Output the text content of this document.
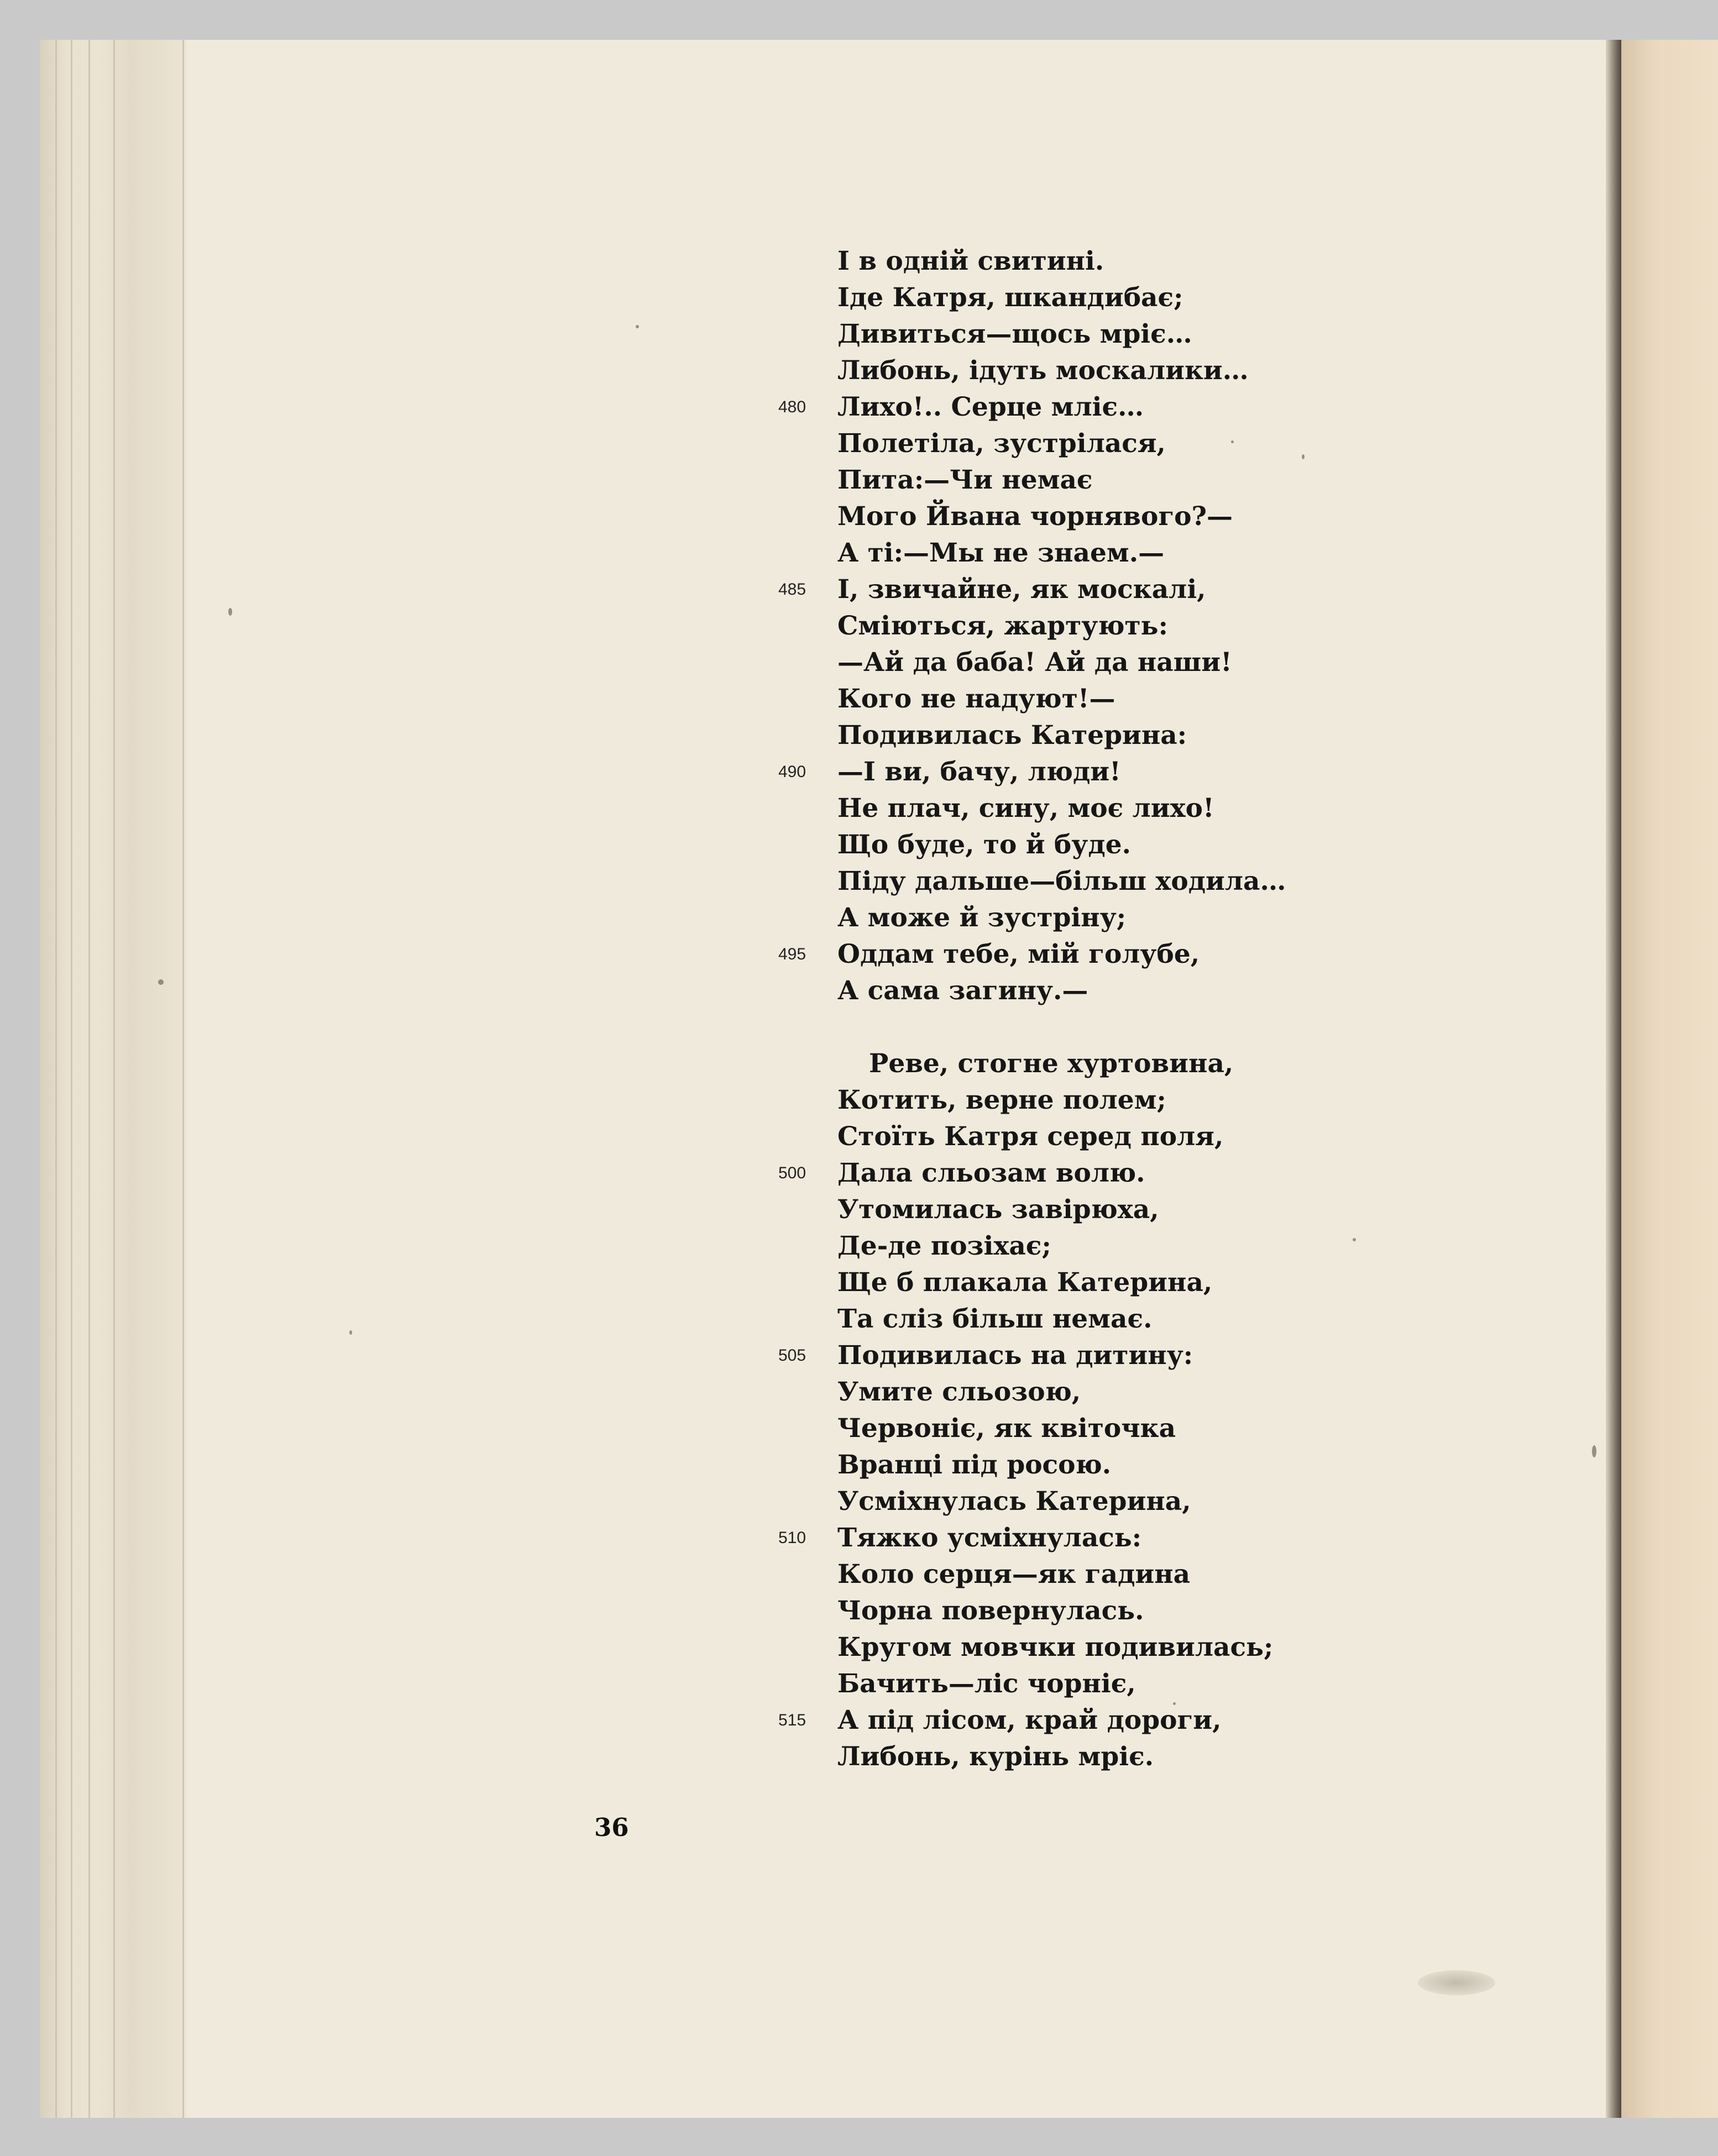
І в одній свитині.
Іде Катря, шкандибає;
Дивиться—щось мріє…
Либонь, ідуть москалики…
480	Лихо!.. Серце мліє…
Полетіла, зустрілася,
Пита:—Чи немає
Мого Йвана чорнявого?—
А ті:—Мы не знаем.—
485	І, звичайне, як москалі,
Сміються, жартують:
—Ай да баба! Ай да наши!
Кого не надуют!—
Подивилась Катерина:
490	—І ви, бачу, люди!
Не плач, сину, моє лихо!
Що буде, то й буде.
Піду дальше—більш ходила…
А може й зустріну;
495	Оддам тебе, мій голубе,
А сама загину.—
Реве, стогне хуртовина,
Котить, верне полем;
Стоїть Катря серед поля,
500	Дала сльозам волю.
Утомилась завірюха,
Де-де позіхає;
Ще б плакала Катерина,
Та сліз більш немає.
505	Подивилась на дитину:
Умите сльозою,
Червоніє, як квіточка
Вранці під росою.
Усміхнулась Катерина,
510	Тяжко усміхнулась:
Коло серця—як гадина
Чорна повернулась.
Кругом мовчки подивилась;
Бачить—ліс чорніє,
515	А під лісом, край дороги,
Либонь, курінь мріє.
36
